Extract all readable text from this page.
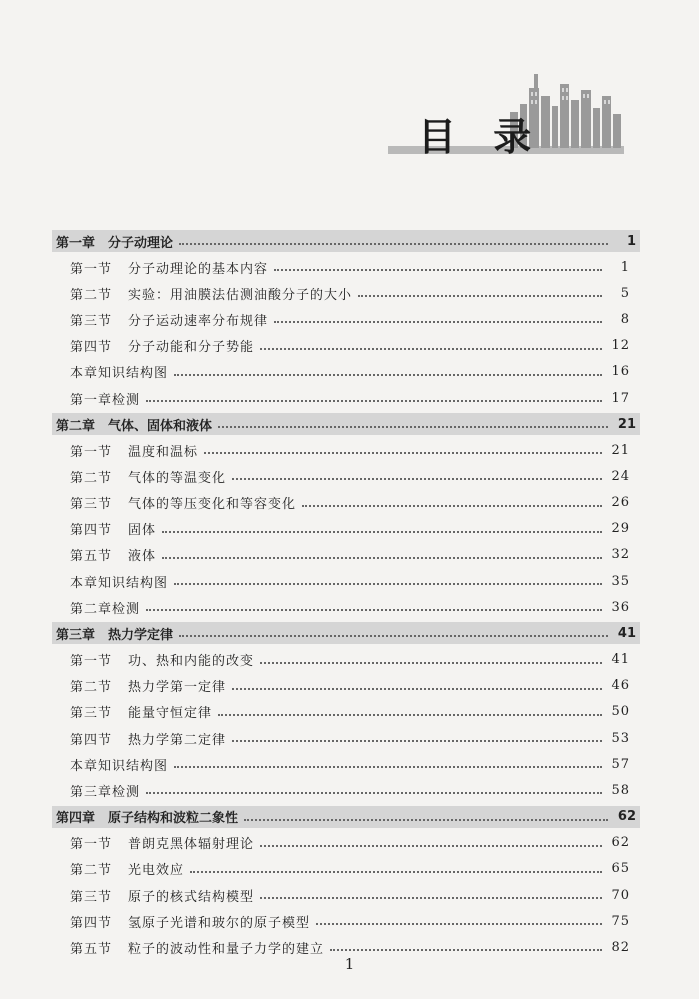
目 录
第一章　分子动理论	1
第一节 分子动理论的基本内容	1
第二节 实验：用油膜法估测油酸分子的大小	5
第三节 分子运动速率分布规律	8
第四节 分子动能和分子势能	12
本章知识结构图	16
第一章检测	17
第二章　气体、固体和液体	21
第一节 温度和温标	21
第二节 气体的等温变化	24
第三节 气体的等压变化和等容变化	26
第四节 固体	29
第五节 液体	32
本章知识结构图	35
第二章检测	36
第三章　热力学定律	41
第一节 功、热和内能的改变	41
第二节 热力学第一定律	46
第三节 能量守恒定律	50
第四节 热力学第二定律	53
本章知识结构图	57
第三章检测	58
第四章　原子结构和波粒二象性	62
第一节 普朗克黑体辐射理论	62
第二节 光电效应	65
第三节 原子的核式结构模型	70
第四节 氢原子光谱和玻尔的原子模型	75
第五节 粒子的波动性和量子力学的建立	82
1
